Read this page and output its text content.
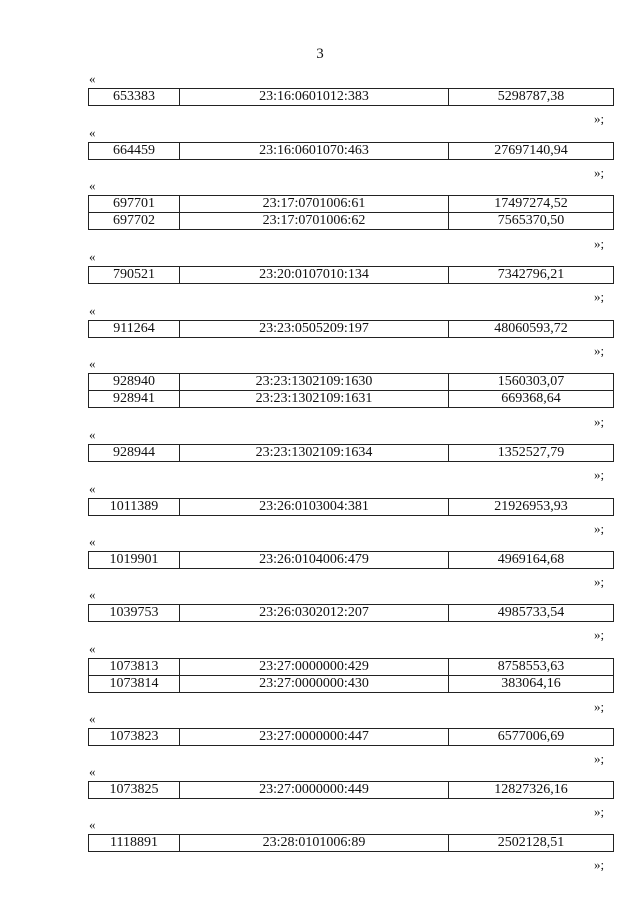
3
«
653383	23:16:0601012:383	5298787,38
»;
«
664459	23:16:0601070:463	27697140,94
»;
«
697701	23:17:0701006:61	17497274,52
697702	23:17:0701006:62	7565370,50
»;
«
790521	23:20:0107010:134	7342796,21
»;
«
911264	23:23:0505209:197	48060593,72
»;
«
928940	23:23:1302109:1630	1560303,07
928941	23:23:1302109:1631	669368,64
»;
«
928944	23:23:1302109:1634	1352527,79
»;
«
1011389	23:26:0103004:381	21926953,93
»;
«
1019901	23:26:0104006:479	4969164,68
»;
«
1039753	23:26:0302012:207	4985733,54
»;
«
1073813	23:27:0000000:429	8758553,63
1073814	23:27:0000000:430	383064,16
»;
«
1073823	23:27:0000000:447	6577006,69
»;
«
1073825	23:27:0000000:449	12827326,16
»;
«
1118891	23:28:0101006:89	2502128,51
»;
